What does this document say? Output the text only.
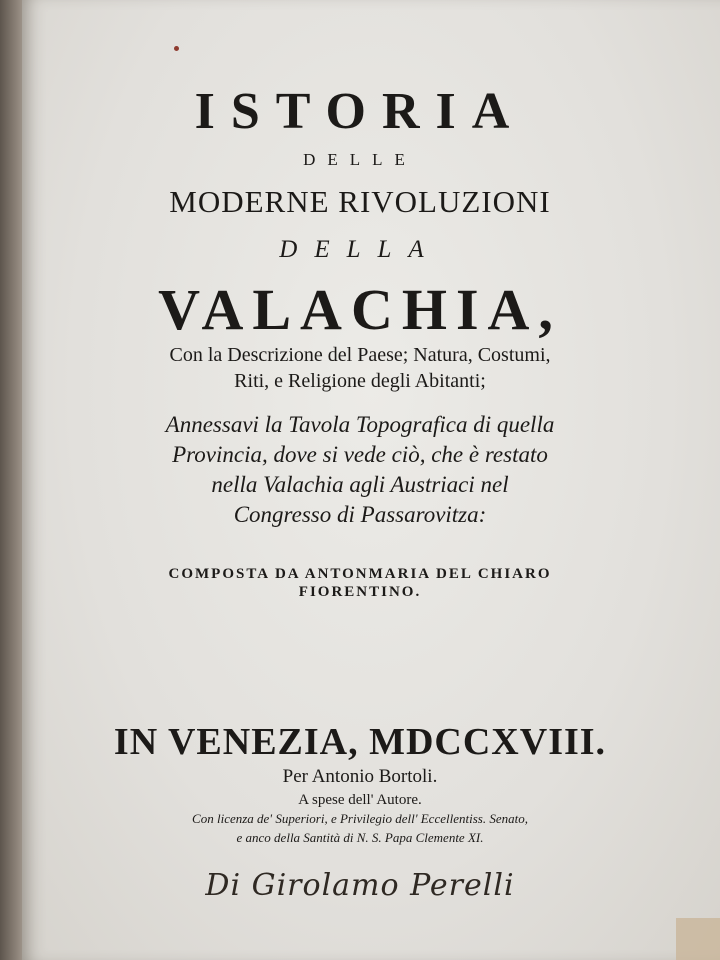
ISTORIA
DELLE
MODERNE RIVOLUZIONI
DELLA
VALACHIA,
Con la Descrizione del Paese; Natura, Costumi,
Riti, e Religione degli Abitanti;
Annessavi la Tavola Topografica di quella
Provincia, dove si vede ciò, che è restato
nella Valachia agli Austriaci nel
Congresso di Passarovitza:
COMPOSTA DA ANTONMARIA DEL CHIARO
FIORENTINO.
IN VENEZIA, MDCCXVIII.
Per Antonio Bortoli.
A spese dell' Autore.
Con licenza de' Superiori, e Privilegio dell' Eccellentiss. Senato,
e anco della Santità di N. S. Papa Clemente XI.
Di Girolamo Perelli
